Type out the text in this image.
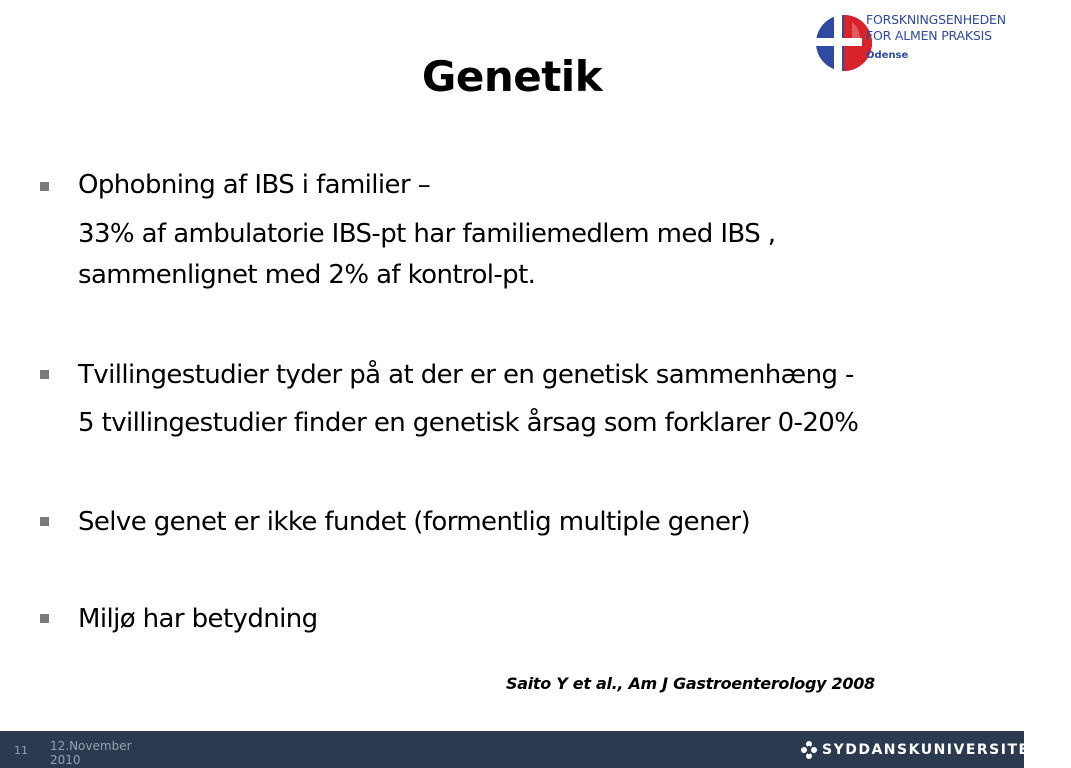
FORSKNINGSENHEDEN
FOR ALMEN PRAKSIS
Odense
Genetik
Ophobning af IBS i familier –
33% af ambulatorie IBS-pt har familiemedlem med IBS ,
sammenlignet med 2% af kontrol-pt.
Tvillingestudier tyder på at der er en genetisk sammenhæng -
5 tvillingestudier finder en genetisk årsag som forklarer 0-20%
Selve genet er ikke fundet (formentlig multiple gener)
Miljø har betydning
Saito Y et al., Am J Gastroenterology 2008
11 12.November 2010
SYDDANSKUNIVERSITET.DK
